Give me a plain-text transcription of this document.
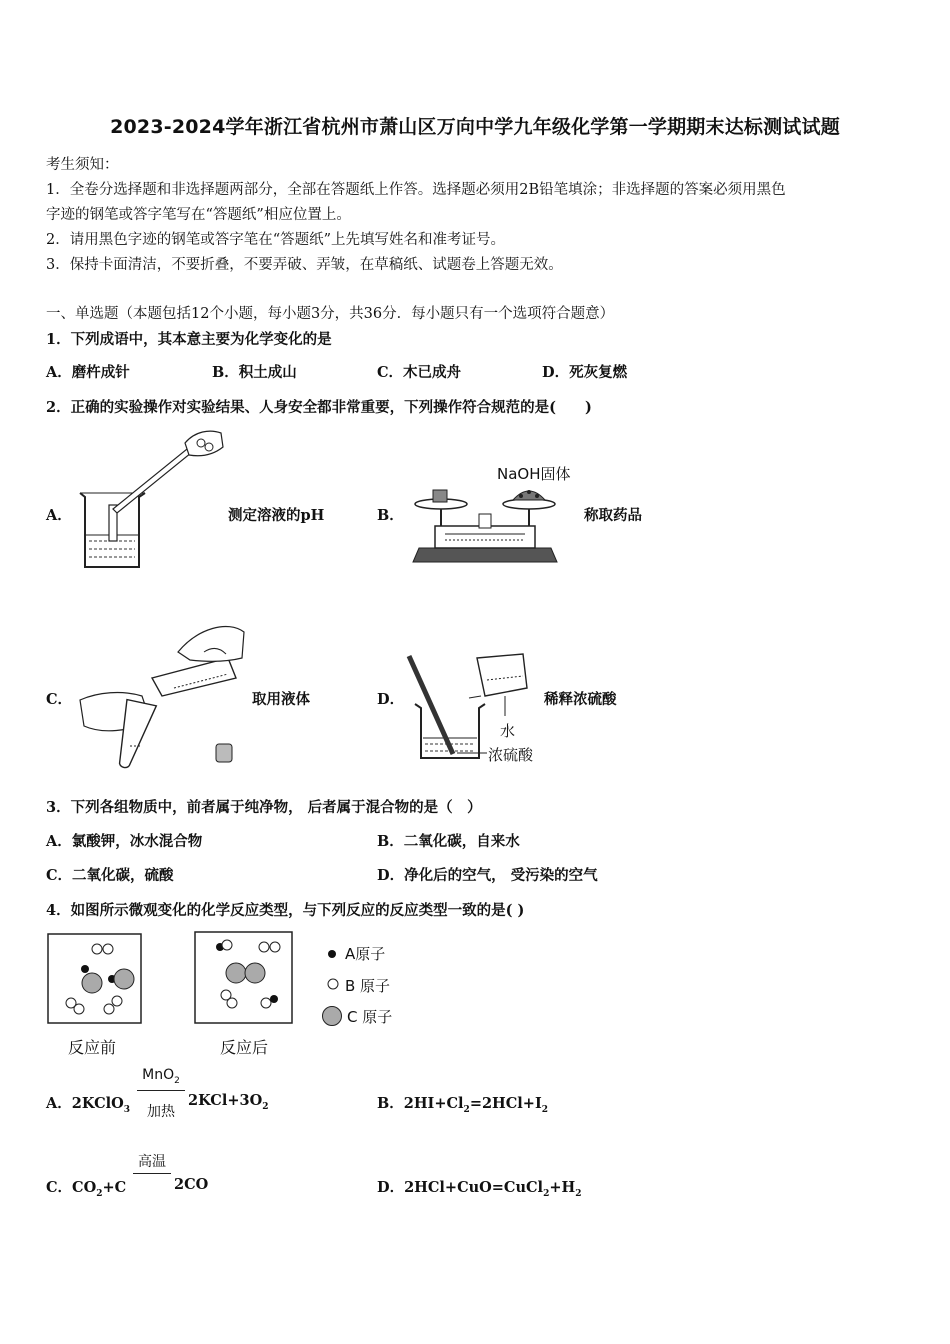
2023-2024学年浙江省杭州市萧山区万向中学九年级化学第一学期期末达标测试试题
考生须知：
1．全卷分选择题和非选择题两部分，全部在答题纸上作答。选择题必须用2B铅笔填涂；非选择题的答案必须用黑色
字迹的钢笔或答字笔写在“答题纸”相应位置上。
2．请用黑色字迹的钢笔或答字笔在“答题纸”上先填写姓名和准考证号。
3．保持卡面清洁，不要折叠，不要弄破、弄皱，在草稿纸、试题卷上答题无效。
一、单选题（本题包括12个小题，每小题3分，共36分．每小题只有一个选项符合题意）
1．下列成语中，其本意主要为化学变化的是
A．磨杵成针	B．积土成山	C．木已成舟	D．死灰复燃
2．正确的实验操作对实验结果、人身安全都非常重要，下列操作符合规范的是(　　)
A．	测定溶液的pH	B．
NaOH固体
称取药品
C．	取用液体	D．
水
浓硫酸
稀释浓硫酸
3．下列各组物质中，前者属于纯净物， 后者属于混合物的是（　）
A．氯酸钾，冰水混合物	B．二氧化碳，自来水
C．二氧化碳，硫酸	D．净化后的空气， 受污染的空气
4．如图所示微观变化的化学反应类型，与下列反应的反应类型一致的是( )
反应前	反应后
A原子
B 原子
C 原子
A．2KClO$_3$
MnO$_2$
加热
$2KCl+3O_2$	B．$2HI+Cl_2=2HCl+I_2$
C．$CO_2+C$
高温
2CO	D．$2HCl+CuO=CuCl_2+H_2$
